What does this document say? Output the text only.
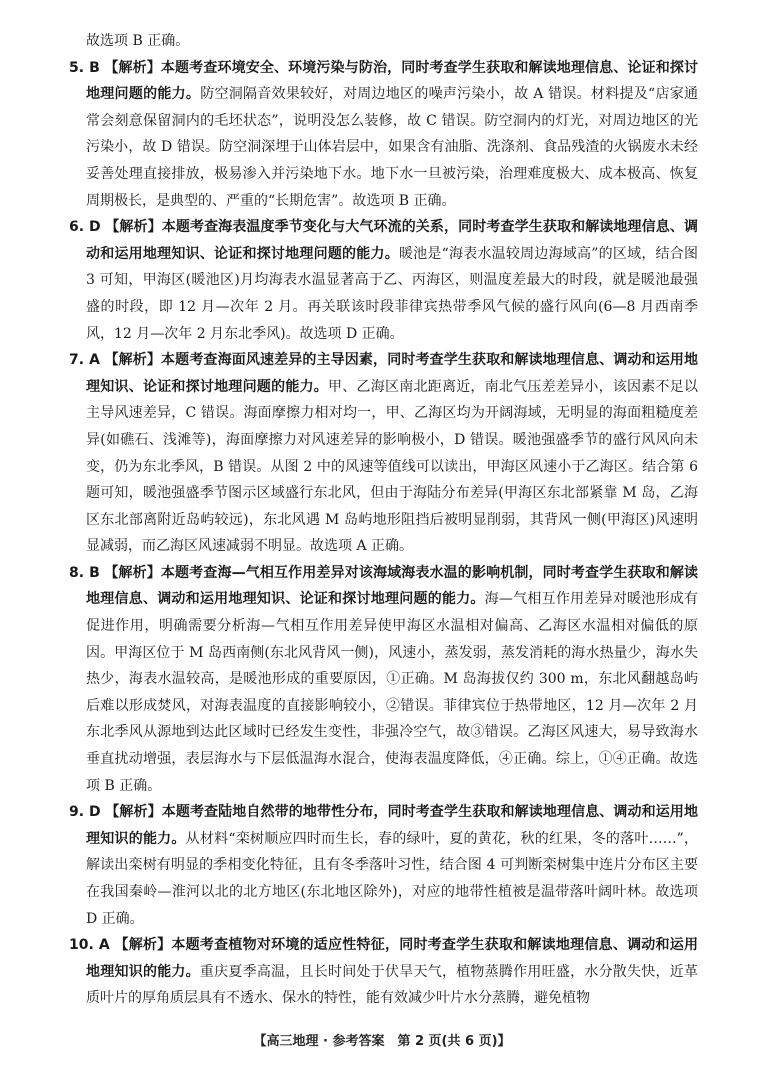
故选项 B 正确。

5. B 【解析】本题考查环境安全、环境污染与防治，同时考查学生获取和解读地理信息、论证和探讨地理问题的能力。防空洞隔音效果较好，对周边地区的噪声污染小，故 A 错误。材料提及“店家通常会刻意保留洞内的毛坯状态”，说明没怎么装修，故 C 错误。防空洞内的灯光，对周边地区的光污染小，故 D 错误。防空洞深埋于山体岩层中，如果含有油脂、洗涤剂、食品残渣的火锅废水未经妥善处理直接排放，极易渗入并污染地下水。地下水一旦被污染，治理难度极大、成本极高、恢复周期极长，是典型的、严重的“长期危害”。故选项 B 正确。

6. D 【解析】本题考查海表温度季节变化与大气环流的关系，同时考查学生获取和解读地理信息、调动和运用地理知识、论证和探讨地理问题的能力。暖池是“海表水温较周边海域高”的区域，结合图 3 可知，甲海区(暖池区)月均海表水温显著高于乙、丙海区，则温度差最大的时段，就是暖池最强盛的时段，即 12 月—次年 2 月。再关联该时段菲律宾热带季风气候的盛行风向(6—8 月西南季风，12 月—次年 2 月东北季风)。故选项 D 正确。

7. A 【解析】本题考查海面风速差异的主导因素，同时考查学生获取和解读地理信息、调动和运用地理知识、论证和探讨地理问题的能力。甲、乙海区南北距离近，南北气压差差异小，该因素不足以主导风速差异，C 错误。海面摩擦力相对均一，甲、乙海区均为开阔海域，无明显的海面粗糙度差异(如礁石、浅滩等)，海面摩擦力对风速差异的影响极小，D 错误。暖池强盛季节的盛行风风向未变，仍为东北季风，B 错误。从图 2 中的风速等值线可以读出，甲海区风速小于乙海区。结合第 6 题可知，暖池强盛季节图示区域盛行东北风，但由于海陆分布差异(甲海区东北部紧靠 M 岛，乙海区东北部离附近岛屿较远)，东北风遇 M 岛屿地形阻挡后被明显削弱，其背风一侧(甲海区)风速明显减弱，而乙海区风速减弱不明显。故选项 A 正确。

8. B 【解析】本题考查海—气相互作用差异对该海域海表水温的影响机制，同时考查学生获取和解读地理信息、调动和运用地理知识、论证和探讨地理问题的能力。海—气相互作用差异对暖池形成有促进作用，明确需要分析海—气相互作用差异使甲海区水温相对偏高、乙海区水温相对偏低的原因。甲海区位于 M 岛西南侧(东北风背风一侧)，风速小，蒸发弱，蒸发消耗的海水热量少，海水失热少，海表水温较高，是暖池形成的重要原因，①正确。M 岛海拔仅约 300 m，东北风翻越岛屿后难以形成焚风，对海表温度的直接影响较小，②错误。菲律宾位于热带地区，12 月—次年 2 月东北季风从源地到达此区域时已经发生变性，非强冷空气，故③错误。乙海区风速大，易导致海水垂直扰动增强，表层海水与下层低温海水混合，使海表温度降低，④正确。综上，①④正确。故选项 B 正确。

9. D 【解析】本题考查陆地自然带的地带性分布，同时考查学生获取和解读地理信息、调动和运用地理知识的能力。从材料“栾树顺应四时而生长，春的绿叶，夏的黄花，秋的红果，冬的落叶……”，解读出栾树有明显的季相变化特征，且有冬季落叶习性，结合图 4 可判断栾树集中连片分布区主要在我国秦岭—淮河以北的北方地区(东北地区除外)，对应的地带性植被是温带落叶阔叶林。故选项 D 正确。

10. A 【解析】本题考查植物对环境的适应性特征，同时考查学生获取和解读地理信息、调动和运用地理知识的能力。重庆夏季高温，且长时间处于伏旱天气，植物蒸腾作用旺盛，水分散失快，近革质叶片的厚角质层具有不透水、保水的特性，能有效减少叶片水分蒸腾，避免植物

【高三地理 · 参考答案　第 2 页(共 6 页)】
